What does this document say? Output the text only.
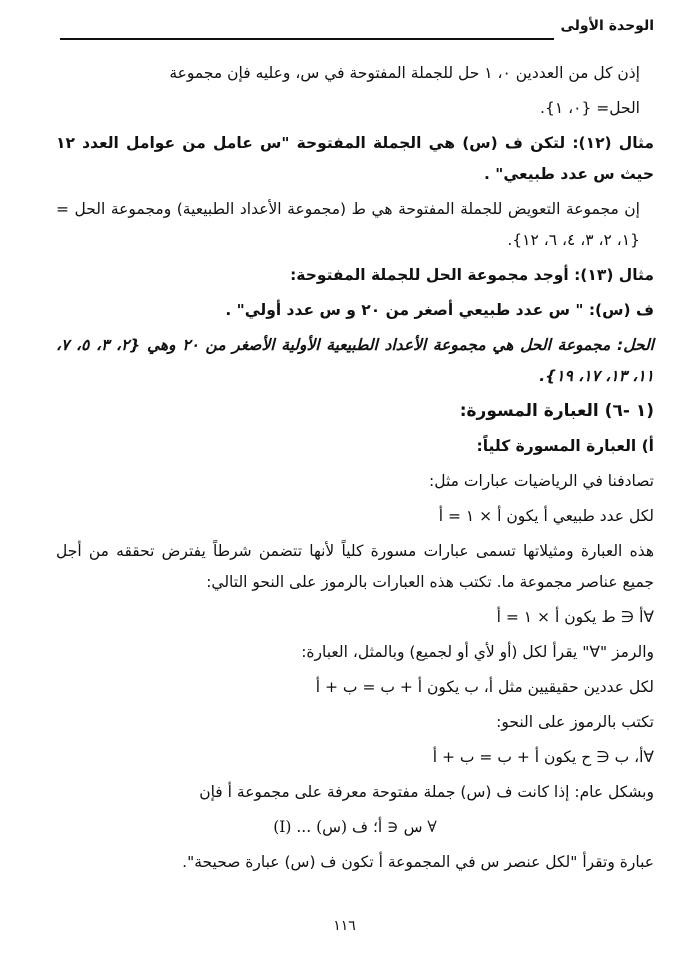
الوحدة الأولى

إذن كل من العددين ٠، ١ حل للجملة المفتوحة في س، وعليه فإن مجموعة

الحل= {٠، ١}.

مثال (١٢): لتكن ف (س) هي الجملة المفتوحة "س عامل من عوامل العدد ١٢ حيث س عدد طبيعي" .

إن مجموعة التعويض للجملة المفتوحة هي ط (مجموعة الأعداد الطبيعية) ومجموعة الحل = {١، ٢، ٣، ٤، ٦، ١٢}.

مثال (١٣): أوجد مجموعة الحل للجملة المفتوحة:

ف (س): " س عدد طبيعي أصغر من ٢٠ و س عدد أولي" .

الحل: مجموعة الحل هي مجموعة الأعداد الطبيعية الأولية الأصغر من ٢٠ وهي {٢، ٣، ٥، ٧، ١١، ١٣، ١٧، ١٩}.

(١ -٦) العبارة المسورة:

أ) العبارة المسورة كلياً:

تصادفنا في الرياضيات عبارات مثل:

لكل عدد طبيعي أ يكون أ × ١ = أ

هذه العبارة ومثيلاتها تسمى عبارات مسورة كلياً لأنها تتضمن شرطاً يفترض تحققه من أجل جميع عناصر مجموعة ما. تكتب هذه العبارات بالرموز على النحو التالي:

∀أ ∈ ط يكون أ × ١ = أ

والرمز "∀" يقرأ لكل (أو لأي أو لجميع) وبالمثل، العبارة:

لكل عددين حقيقيين مثل أ، ب يكون أ + ب = ب + أ

تكتب بالرموز على النحو:

∀أ، ب ∈ ح يكون أ + ب = ب + أ

وبشكل عام: إذا كانت ف (س) جملة مفتوحة معرفة على مجموعة أ فإن

∀ س ∈ أ؛ ف (س) ... (I)

عبارة وتقرأ "لكل عنصر س في المجموعة أ تكون ف (س) عبارة صحيحة".

١١٦
